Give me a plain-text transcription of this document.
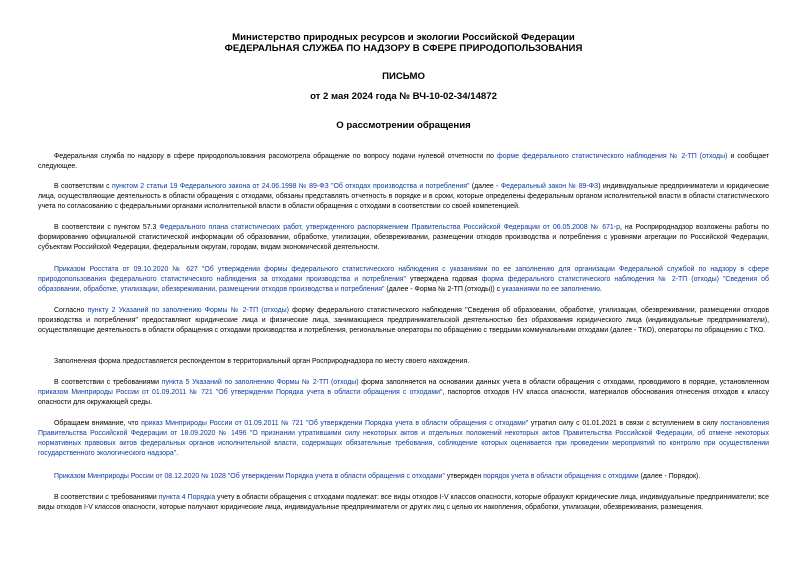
Министерство природных ресурсов и экологии Российской Федерации
ФЕДЕРАЛЬНАЯ СЛУЖБА ПО НАДЗОРУ В СФЕРЕ ПРИРОДОПОЛЬЗОВАНИЯ
ПИСЬМО
от 2 мая 2024 года № ВЧ-10-02-34/14872
О рассмотрении обращения

Федеральная служба по надзору в сфере природопользования рассмотрела обращение по вопросу подачи нулевой отчетности по форме федерального статистического наблюдения № 2-ТП (отходы) и сообщает следующее.

В соответствии с пунктом 2 статьи 19 Федерального закона от 24.06.1998 № 89-ФЗ "Об отходах производства и потребления" (далее - Федеральный закон № 89-ФЗ) индивидуальные предприниматели и юридические лица, осуществляющие деятельность в области обращения с отходами, обязаны представлять отчетность в порядке и в сроки, которые определены федеральным органом исполнительной власти в области статистического учета по согласованию с федеральными органами исполнительной власти в области обращения с отходами в соответствии со своей компетенцией.

В соответствии с пунктом 57.3 Федерального плана статистических работ, утвержденного распоряжением Правительства Российской Федерации от 06.05.2008 № 671-р, на Росприроднадзор возложены работы по формированию официальной статистической информации об образовании, обработке, утилизации, обезвреживании, размещении отходов производства и потребления с уровнями агрегации по Российской Федерации, субъектам Российской Федерации, федеральным округам, городам, видам экономической деятельности.

Приказом Росстата от 09.10.2020 № 627 "Об утверждении формы федерального статистического наблюдения с указаниями по ее заполнению для организации Федеральной службой по надзору в сфере природопользования федерального статистического наблюдения за отходами производства и потребления" утверждена годовая форма федерального статистического наблюдения № 2-ТП (отходы) "Сведения об образовании, обработке, утилизации, обезвреживании, размещении отходов производства и потребления" (далее - Форма № 2-ТП (отходы)) с указаниями по ее заполнению.

Согласно пункту 2 Указаний по заполнению Формы № 2-ТП (отходы) форму федерального статистического наблюдения "Сведения об образовании, обработке, утилизации, обезвреживании, размещении отходов производства и потребления" предоставляют юридические лица и физические лица, занимающиеся предпринимательской деятельностью без образования юридического лица (индивидуальные предприниматели), осуществляющие деятельность в области обращения с отходами производства и потребления, региональные операторы по обращению с твердыми коммунальными отходами (далее - ТКО), операторы по обращению с ТКО.

Заполненная форма предоставляется респондентом в территориальный орган Росприроднадзора по месту своего нахождения.

В соответствии с требованиями пункта 5 Указаний по заполнению Формы № 2-ТП (отходы) форма заполняется на основании данных учета в области обращения с отходами, проводимого в порядке, установленном приказом Минприроды России от 01.09.2011 № 721 "Об утверждении Порядка учета в области обращения с отходами", паспортов отходов I-IV класса опасности, материалов обоснования отнесения отходов к классу опасности для окружающей среды.

Обращаем внимание, что приказ Минприроды России от 01.09.2011 № 721 "Об утверждении Порядка учета в области обращения с отходами" утратил силу с 01.01.2021 в связи с вступлением в силу постановления Правительства Российской Федерации от 18.09.2020 № 1496 "О признании утратившими силу некоторых актов и отдельных положений некоторых актов Правительства Российской Федерации, об отмене некоторых нормативных правовых актов федеральных органов исполнительной власти, содержащих обязательные требования, соблюдение которых оценивается при проведении мероприятий по контролю при осуществлении государственного экологического надзора".

Приказом Минприроды России от 08.12.2020 № 1028 "Об утверждении Порядка учета в области обращения с отходами" утвержден порядок учета в области обращения с отходами (далее - Порядок).

В соответствии с требованиями пункта 4 Порядка учету в области обращения с отходами подлежат: все виды отходов I-V классов опасности, которые образуют юридические лица, индивидуальные предприниматели; все виды отходов I-V классов опасности, которые получают юридические лица, индивидуальные предприниматели от других лиц с целью их накопления, обработки, утилизации, обезвреживания, размещения.
